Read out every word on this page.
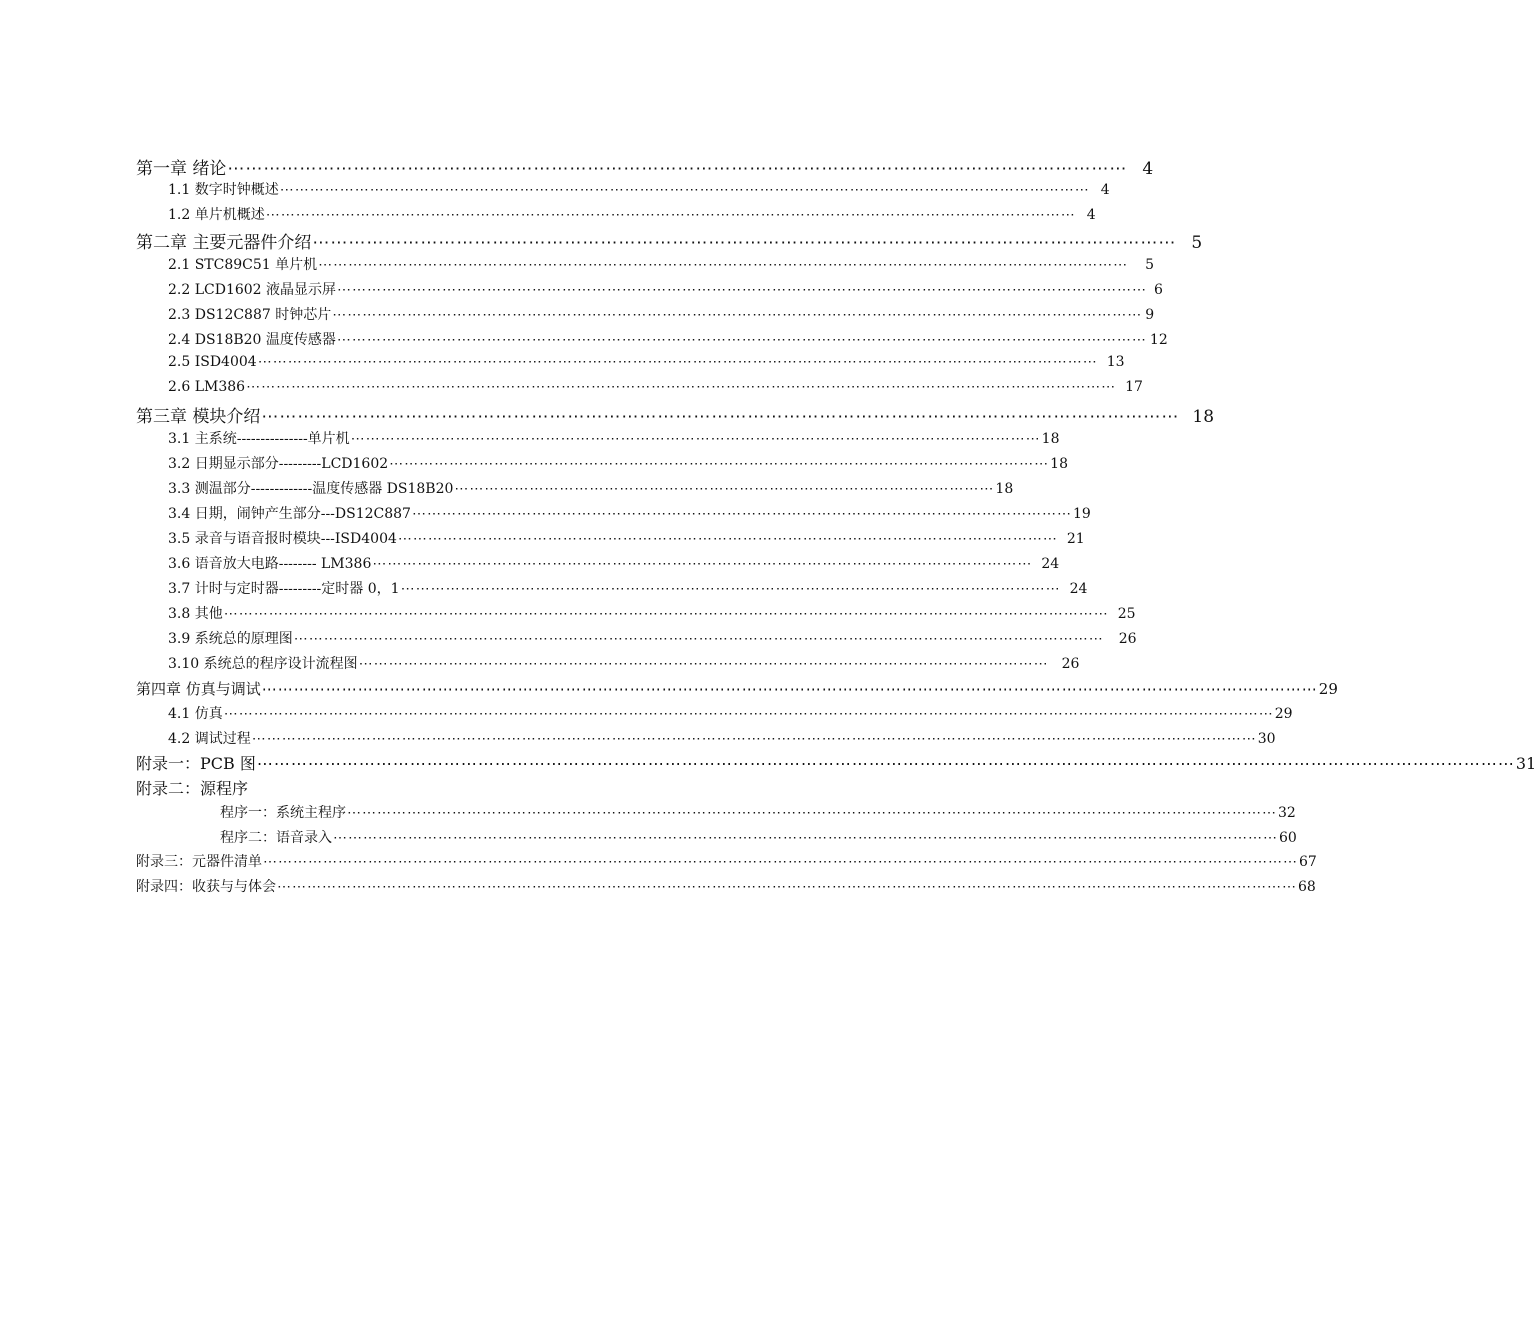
第一章 绪论 ⋯⋯⋯⋯⋯⋯⋯⋯⋯⋯⋯⋯⋯⋯⋯⋯⋯⋯⋯⋯⋯⋯⋯⋯⋯⋯⋯⋯⋯⋯⋯⋯⋯⋯⋯⋯⋯⋯⋯⋯⋯⋯⋯⋯⋯⋯⋯⋯⋯⋯ 4
1.1 数字时钟概述 ⋯⋯⋯⋯⋯⋯⋯⋯⋯⋯⋯⋯⋯⋯⋯⋯⋯⋯⋯⋯⋯⋯⋯⋯⋯⋯⋯⋯⋯⋯⋯⋯⋯⋯⋯⋯⋯⋯⋯⋯⋯⋯⋯⋯⋯⋯⋯⋯⋯⋯⋯⋯⋯⋯ 4
1.2 单片机概述 ⋯⋯⋯⋯⋯⋯⋯⋯⋯⋯⋯⋯⋯⋯⋯⋯⋯⋯⋯⋯⋯⋯⋯⋯⋯⋯⋯⋯⋯⋯⋯⋯⋯⋯⋯⋯⋯⋯⋯⋯⋯⋯⋯⋯⋯⋯⋯⋯⋯⋯⋯⋯⋯⋯ 4
第二章 主要元器件介绍 ⋯⋯⋯⋯⋯⋯⋯⋯⋯⋯⋯⋯⋯⋯⋯⋯⋯⋯⋯⋯⋯⋯⋯⋯⋯⋯⋯⋯⋯⋯⋯⋯⋯⋯⋯⋯⋯⋯⋯⋯⋯⋯⋯⋯⋯⋯⋯⋯ 5
2.1 STC89C51 单片机 ⋯⋯⋯⋯⋯⋯⋯⋯⋯⋯⋯⋯⋯⋯⋯⋯⋯⋯⋯⋯⋯⋯⋯⋯⋯⋯⋯⋯⋯⋯⋯⋯⋯⋯⋯⋯⋯⋯⋯⋯⋯⋯⋯⋯⋯⋯⋯⋯⋯⋯⋯⋯⋯⋯ 5
2.2 LCD1602 液晶显示屏 ⋯⋯⋯⋯⋯⋯⋯⋯⋯⋯⋯⋯⋯⋯⋯⋯⋯⋯⋯⋯⋯⋯⋯⋯⋯⋯⋯⋯⋯⋯⋯⋯⋯⋯⋯⋯⋯⋯⋯⋯⋯⋯⋯⋯⋯⋯⋯⋯⋯⋯⋯⋯⋯⋯ 6
2.3 DS12C887 时钟芯片 ⋯⋯⋯⋯⋯⋯⋯⋯⋯⋯⋯⋯⋯⋯⋯⋯⋯⋯⋯⋯⋯⋯⋯⋯⋯⋯⋯⋯⋯⋯⋯⋯⋯⋯⋯⋯⋯⋯⋯⋯⋯⋯⋯⋯⋯⋯⋯⋯⋯⋯⋯⋯⋯⋯ 9
2.4 DS18B20 温度传感器 ⋯⋯⋯⋯⋯⋯⋯⋯⋯⋯⋯⋯⋯⋯⋯⋯⋯⋯⋯⋯⋯⋯⋯⋯⋯⋯⋯⋯⋯⋯⋯⋯⋯⋯⋯⋯⋯⋯⋯⋯⋯⋯⋯⋯⋯⋯⋯⋯⋯⋯⋯⋯⋯⋯ 12
2.5 ISD4004 ⋯⋯⋯⋯⋯⋯⋯⋯⋯⋯⋯⋯⋯⋯⋯⋯⋯⋯⋯⋯⋯⋯⋯⋯⋯⋯⋯⋯⋯⋯⋯⋯⋯⋯⋯⋯⋯⋯⋯⋯⋯⋯⋯⋯⋯⋯⋯⋯⋯⋯⋯⋯⋯⋯⋯⋯ 13
2.6 LM386 ⋯⋯⋯⋯⋯⋯⋯⋯⋯⋯⋯⋯⋯⋯⋯⋯⋯⋯⋯⋯⋯⋯⋯⋯⋯⋯⋯⋯⋯⋯⋯⋯⋯⋯⋯⋯⋯⋯⋯⋯⋯⋯⋯⋯⋯⋯⋯⋯⋯⋯⋯⋯⋯⋯⋯⋯⋯⋯ 17
第三章 模块介绍 ⋯⋯⋯⋯⋯⋯⋯⋯⋯⋯⋯⋯⋯⋯⋯⋯⋯⋯⋯⋯⋯⋯⋯⋯⋯⋯⋯⋯⋯⋯⋯⋯⋯⋯⋯⋯⋯⋯⋯⋯⋯⋯⋯⋯⋯⋯⋯⋯⋯⋯⋯ 18
3.1 主系统---------------单片机 ⋯⋯⋯⋯⋯⋯⋯⋯⋯⋯⋯⋯⋯⋯⋯⋯⋯⋯⋯⋯⋯⋯⋯⋯⋯⋯⋯⋯⋯⋯⋯⋯⋯⋯⋯⋯⋯⋯⋯⋯⋯⋯⋯⋯⋯⋯ 18
3.2 日期显示部分---------LCD1602 ⋯⋯⋯⋯⋯⋯⋯⋯⋯⋯⋯⋯⋯⋯⋯⋯⋯⋯⋯⋯⋯⋯⋯⋯⋯⋯⋯⋯⋯⋯⋯⋯⋯⋯⋯⋯⋯⋯⋯⋯⋯⋯⋯⋯ 18
3.3 测温部分-------------温度传感器 DS18B20 ⋯⋯⋯⋯⋯⋯⋯⋯⋯⋯⋯⋯⋯⋯⋯⋯⋯⋯⋯⋯⋯⋯⋯⋯⋯⋯⋯⋯⋯⋯⋯⋯⋯⋯⋯⋯ 18
3.4 日期，闹钟产生部分---DS12C887 ⋯⋯⋯⋯⋯⋯⋯⋯⋯⋯⋯⋯⋯⋯⋯⋯⋯⋯⋯⋯⋯⋯⋯⋯⋯⋯⋯⋯⋯⋯⋯⋯⋯⋯⋯⋯⋯⋯⋯⋯⋯⋯⋯⋯ 19
3.5 录音与语音报时模块---ISD4004 ⋯⋯⋯⋯⋯⋯⋯⋯⋯⋯⋯⋯⋯⋯⋯⋯⋯⋯⋯⋯⋯⋯⋯⋯⋯⋯⋯⋯⋯⋯⋯⋯⋯⋯⋯⋯⋯⋯⋯⋯⋯⋯⋯⋯ 21
3.6 语音放大电路-------- LM386 ⋯⋯⋯⋯⋯⋯⋯⋯⋯⋯⋯⋯⋯⋯⋯⋯⋯⋯⋯⋯⋯⋯⋯⋯⋯⋯⋯⋯⋯⋯⋯⋯⋯⋯⋯⋯⋯⋯⋯⋯⋯⋯⋯⋯ 24
3.7 计时与定时器---------定时器 0，1 ⋯⋯⋯⋯⋯⋯⋯⋯⋯⋯⋯⋯⋯⋯⋯⋯⋯⋯⋯⋯⋯⋯⋯⋯⋯⋯⋯⋯⋯⋯⋯⋯⋯⋯⋯⋯⋯⋯⋯⋯⋯⋯⋯⋯ 24
3.8 其他 ⋯⋯⋯⋯⋯⋯⋯⋯⋯⋯⋯⋯⋯⋯⋯⋯⋯⋯⋯⋯⋯⋯⋯⋯⋯⋯⋯⋯⋯⋯⋯⋯⋯⋯⋯⋯⋯⋯⋯⋯⋯⋯⋯⋯⋯⋯⋯⋯⋯⋯⋯⋯⋯⋯⋯⋯⋯⋯⋯ 25
3.9 系统总的原理图 ⋯⋯⋯⋯⋯⋯⋯⋯⋯⋯⋯⋯⋯⋯⋯⋯⋯⋯⋯⋯⋯⋯⋯⋯⋯⋯⋯⋯⋯⋯⋯⋯⋯⋯⋯⋯⋯⋯⋯⋯⋯⋯⋯⋯⋯⋯⋯⋯⋯⋯⋯⋯⋯⋯ 26
3.10 系统总的程序设计流程图 ⋯⋯⋯⋯⋯⋯⋯⋯⋯⋯⋯⋯⋯⋯⋯⋯⋯⋯⋯⋯⋯⋯⋯⋯⋯⋯⋯⋯⋯⋯⋯⋯⋯⋯⋯⋯⋯⋯⋯⋯⋯⋯⋯⋯⋯⋯ 26
第四章 仿真与调试 ⋯⋯⋯⋯⋯⋯⋯⋯⋯⋯⋯⋯⋯⋯⋯⋯⋯⋯⋯⋯⋯⋯⋯⋯⋯⋯⋯⋯⋯⋯⋯⋯⋯⋯⋯⋯⋯⋯⋯⋯⋯⋯⋯⋯⋯⋯⋯⋯⋯⋯⋯⋯⋯⋯⋯⋯⋯⋯⋯⋯⋯⋯⋯⋯⋯⋯ 29
4.1 仿真 ⋯⋯⋯⋯⋯⋯⋯⋯⋯⋯⋯⋯⋯⋯⋯⋯⋯⋯⋯⋯⋯⋯⋯⋯⋯⋯⋯⋯⋯⋯⋯⋯⋯⋯⋯⋯⋯⋯⋯⋯⋯⋯⋯⋯⋯⋯⋯⋯⋯⋯⋯⋯⋯⋯⋯⋯⋯⋯⋯⋯⋯⋯⋯⋯⋯⋯⋯⋯⋯⋯ 29
4.2 调试过程 ⋯⋯⋯⋯⋯⋯⋯⋯⋯⋯⋯⋯⋯⋯⋯⋯⋯⋯⋯⋯⋯⋯⋯⋯⋯⋯⋯⋯⋯⋯⋯⋯⋯⋯⋯⋯⋯⋯⋯⋯⋯⋯⋯⋯⋯⋯⋯⋯⋯⋯⋯⋯⋯⋯⋯⋯⋯⋯⋯⋯⋯⋯⋯⋯⋯⋯⋯ 30
附录一：PCB 图 ⋯⋯⋯⋯⋯⋯⋯⋯⋯⋯⋯⋯⋯⋯⋯⋯⋯⋯⋯⋯⋯⋯⋯⋯⋯⋯⋯⋯⋯⋯⋯⋯⋯⋯⋯⋯⋯⋯⋯⋯⋯⋯⋯⋯⋯⋯⋯⋯⋯⋯⋯⋯⋯⋯⋯⋯⋯⋯⋯⋯⋯⋯⋯⋯⋯⋯⋯⋯⋯⋯⋯⋯⋯⋯ 31
附录二：源程序
程序一：系统主程序 ⋯⋯⋯⋯⋯⋯⋯⋯⋯⋯⋯⋯⋯⋯⋯⋯⋯⋯⋯⋯⋯⋯⋯⋯⋯⋯⋯⋯⋯⋯⋯⋯⋯⋯⋯⋯⋯⋯⋯⋯⋯⋯⋯⋯⋯⋯⋯⋯⋯⋯⋯⋯⋯⋯⋯⋯⋯⋯⋯⋯⋯⋯ 32
程序二：语音录入 ⋯⋯⋯⋯⋯⋯⋯⋯⋯⋯⋯⋯⋯⋯⋯⋯⋯⋯⋯⋯⋯⋯⋯⋯⋯⋯⋯⋯⋯⋯⋯⋯⋯⋯⋯⋯⋯⋯⋯⋯⋯⋯⋯⋯⋯⋯⋯⋯⋯⋯⋯⋯⋯⋯⋯⋯⋯⋯⋯⋯⋯⋯⋯ 60
附录三：元器件清单 ⋯⋯⋯⋯⋯⋯⋯⋯⋯⋯⋯⋯⋯⋯⋯⋯⋯⋯⋯⋯⋯⋯⋯⋯⋯⋯⋯⋯⋯⋯⋯⋯⋯⋯⋯⋯⋯⋯⋯⋯⋯⋯⋯⋯⋯⋯⋯⋯⋯⋯⋯⋯⋯⋯⋯⋯⋯⋯⋯⋯⋯⋯⋯⋯⋯⋯⋯⋯⋯ 67
附录四：收获与与体会 ⋯⋯⋯⋯⋯⋯⋯⋯⋯⋯⋯⋯⋯⋯⋯⋯⋯⋯⋯⋯⋯⋯⋯⋯⋯⋯⋯⋯⋯⋯⋯⋯⋯⋯⋯⋯⋯⋯⋯⋯⋯⋯⋯⋯⋯⋯⋯⋯⋯⋯⋯⋯⋯⋯⋯⋯⋯⋯⋯⋯⋯⋯⋯⋯⋯⋯⋯⋯ 68
